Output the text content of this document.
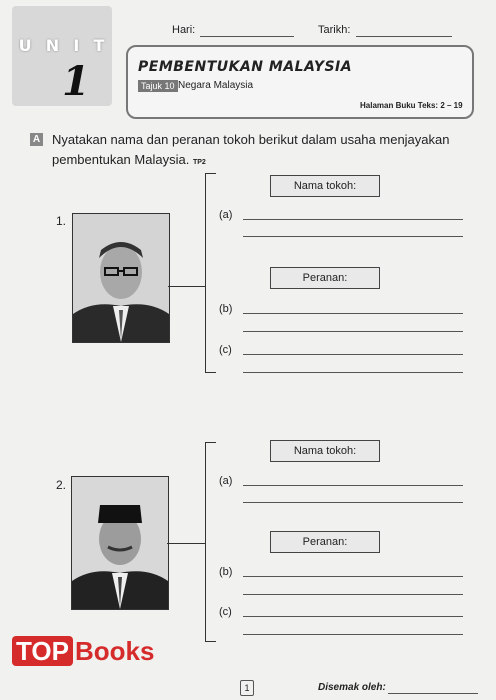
Hari:	Tarikh:
U N I T
1	PEMBENTUKAN MALAYSIA
Tajuk 10 Negara Malaysia
Halaman Buku Teks: 2 – 19
A Nyatakan nama dan peranan tokoh berikut dalam usaha menjayakan pembentukan Malaysia. TP2
1.
Nama tokoh:
(a)
Peranan:
(b)
(c)
2.
Nama tokoh:
(a)
Peranan:
(b)
(c)
1	Disemak oleh:
TOP Books
